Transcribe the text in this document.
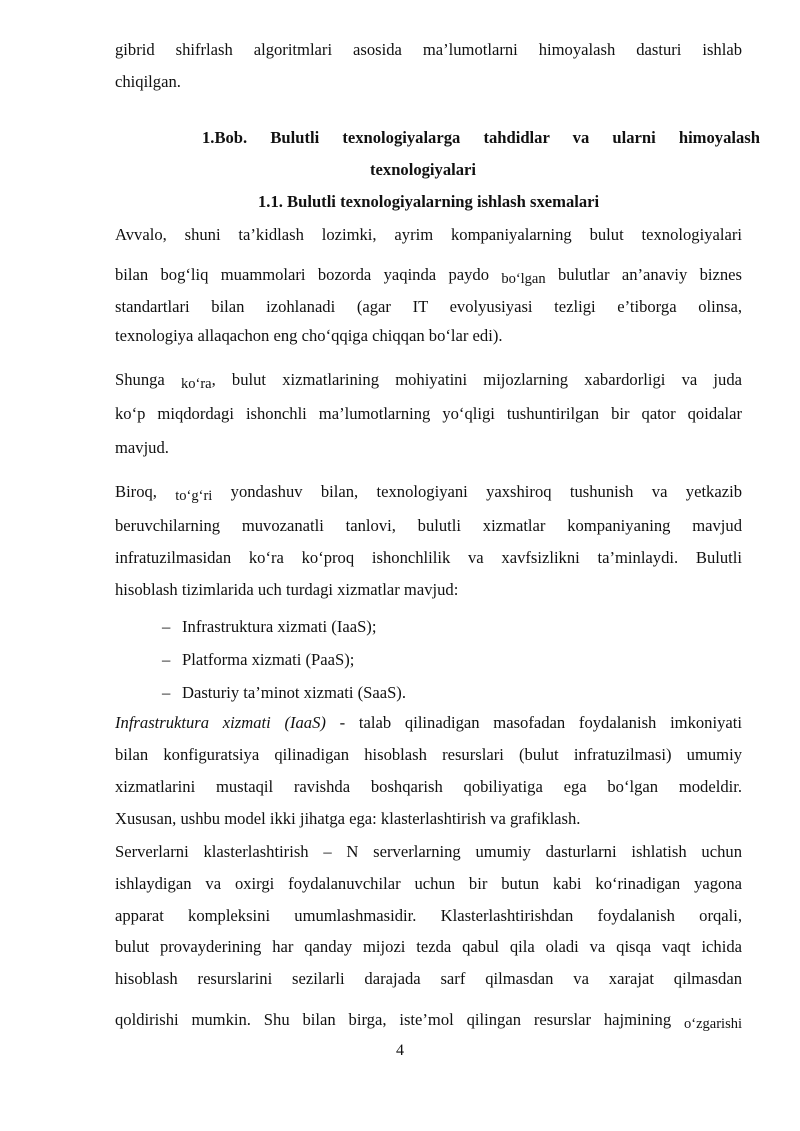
gibrid shifrlash algoritmlari asosida ma’lumotlarni himoyalash dasturi ishlab
chiqilgan.
1.Bob. Bulutli texnologiyalarga tahdidlar va ularni himoyalash
texnologiyalari
1.1. Bulutli texnologiyalarning ishlash sxemalari
Avvalo, shuni ta’kidlash lozimki, ayrim kompaniyalarning bulut texnologiyalari
bilan bog‘liq muammolari bozorda yaqinda paydo bo‘lgan bulutlar an’anaviy biznes
standartlari bilan izohlanadi (agar IT evolyusiyasi tezligi e’tiborga olinsa,
texnologiya allaqachon eng cho‘qqiga chiqqan bo‘lar edi).
Shunga ko‘ra, bulut xizmatlarining mohiyatini mijozlarning xabardorligi va juda
ko‘p miqdordagi ishonchli ma’lumotlarning yo‘qligi tushuntirilgan bir qator qoidalar
mavjud.
Biroq, to‘g‘ri yondashuv bilan, texnologiyani yaxshiroq tushunish va yetkazib
beruvchilarning muvozanatli tanlovi, bulutli xizmatlar kompaniyaning mavjud
infratuzilmasidan ko‘ra ko‘proq ishonchlilik va xavfsizlikni ta’minlaydi. Bulutli
hisoblash tizimlarida uch turdagi xizmatlar mavjud:
– Infrastruktura xizmati (IaaS);
– Platforma xizmati (PaaS);
– Dasturiy ta’minot xizmati (SaaS).
Infrastruktura xizmati (IaaS) - talab qilinadigan masofadan foydalanish imkoniyati
bilan konfiguratsiya qilinadigan hisoblash resurslari (bulut infratuzilmasi) umumiy
xizmatlarini mustaqil ravishda boshqarish qobiliyatiga ega bo‘lgan modeldir.
Xususan, ushbu model ikki jihatga ega: klasterlashtirish va grafiklash.
Serverlarni klasterlashtirish – N serverlarning umumiy dasturlarni ishlatish uchun
ishlaydigan va oxirgi foydalanuvchilar uchun bir butun kabi ko‘rinadigan yagona
apparat kompleksini umumlashmasidir. Klasterlashtirishdan foydalanish orqali,
bulut provayderining har qanday mijozi tezda qabul qila oladi va qisqa vaqt ichida
hisoblash resurslarini sezilarli darajada sarf qilmasdan va xarajat qilmasdan
qoldirishi mumkin. Shu bilan birga, iste’mol qilingan resurslar hajmining o‘zgarishi
4
